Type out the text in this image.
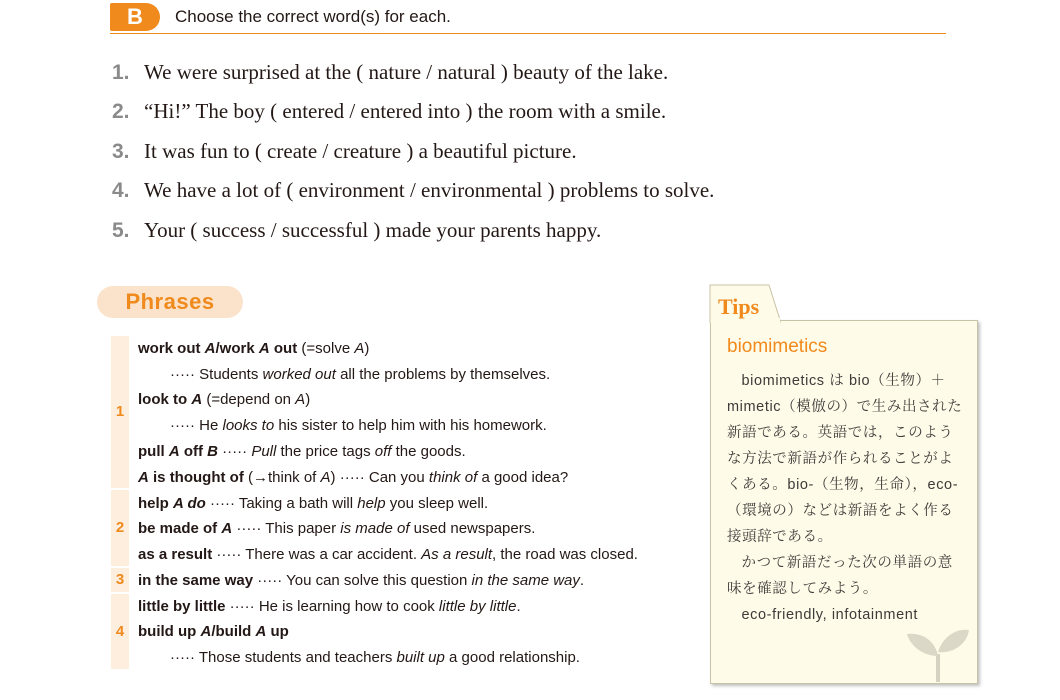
B	Choose the correct word(s) for each.
1. We were surprised at the ( nature / natural ) beauty of the lake.
2. “Hi!” The boy ( entered / entered into ) the room with a smile.
3. It was fun to ( create / creature ) a beautiful picture.
4. We have a lot of ( environment / environmental ) problems to solve.
5. Your ( success / successful ) made your parents happy.
Phrases
1
2
3
4
work out A/work A out (=solve A)
····· Students worked out all the problems by themselves.
look to A (=depend on A)
····· He looks to his sister to help him with his homework.
pull A off B ····· Pull the price tags off the goods.
A is thought of (→think of A) ····· Can you think of a good idea?
help A do ····· Taking a bath will help you sleep well.
be made of A ····· This paper is made of used newspapers.
as a result ····· There was a car accident. As a result, the road was closed.
in the same way ····· You can solve this question in the same way.
little by little ····· He is learning how to cook little by little.
build up A/build A up
····· Those students and teachers built up a good relationship.
Tips
biomimetics

biomimetics は bio（生物）＋ mimetic（模倣の）で生み出された新語である。英語では，このような方法で新語が作られることがよくある。bio-（生物，生命），eco-（環境の）などは新語をよく作る接頭辞である。

かつて新語だった次の単語の意味を確認してみよう。

eco-friendly, infotainment
